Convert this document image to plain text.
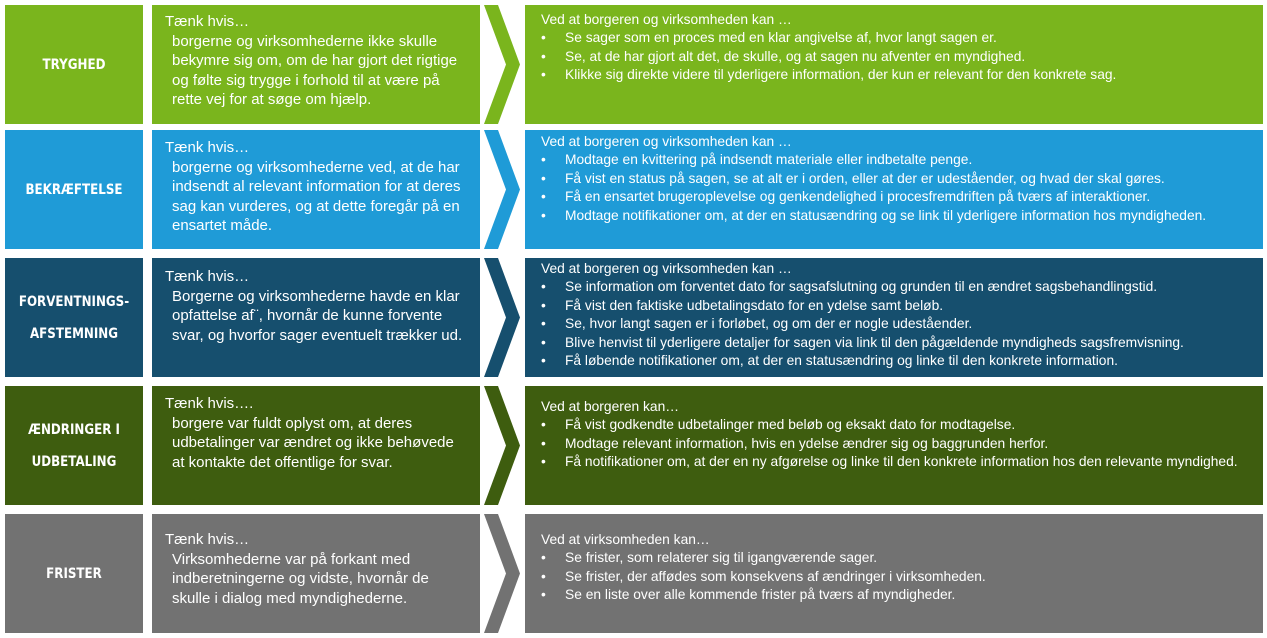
TRYGHED
Tænk hvis…
borgerne og virksomhederne ikke skulle bekymre sig om, om de har gjort det rigtige og følte sig trygge i forhold til at være på rette vej for at søge om hjælp.
Ved at borgeren og virksomheden kan …
• Se sager som en proces med en klar angivelse af, hvor langt sagen er.
• Se, at de har gjort alt det, de skulle, og at sagen nu afventer en myndighed.
• Klikke sig direkte videre til yderligere information, der kun er relevant for den konkrete sag.
BEKRÆFTELSE
Tænk hvis…
borgerne og virksomhederne ved, at de har indsendt al relevant information for at deres sag kan vurderes, og at dette foregår på en ensartet måde.
Ved at borgeren og virksomheden kan …
• Modtage en kvittering på indsendt materiale eller indbetalte penge.
• Få vist en status på sagen, se at alt er i orden, eller at der er udeståender, og hvad der skal gøres.
• Få en ensartet brugeroplevelse og genkendelighed i procesfremdriften på tværs af interaktioner.
• Modtage notifikationer om, at der en statusændring og se link til yderligere information hos myndigheden.
FORVENTNINGS-
AFSTEMNING
Tænk hvis…
Borgerne og virksomhederne havde en klar opfattelse af¨, hvornår de kunne forvente svar, og hvorfor sager eventuelt trækker ud.
Ved at borgeren og virksomheden kan …
• Se information om forventet dato for sagsafslutning og grunden til en ændret sagsbehandlingstid.
• Få vist den faktiske udbetalingsdato for en ydelse samt beløb.
• Se, hvor langt sagen er i forløbet, og om der er nogle udeståender.
• Blive henvist til yderligere detaljer for sagen via link til den pågældende myndigheds sagsfremvisning.
• Få løbende notifikationer om, at der en statusændring og linke til den konkrete information.
ÆNDRINGER I
UDBETALING
Tænk hvis….
borgere var fuldt oplyst om, at deres udbetalinger var ændret og ikke behøvede at kontakte det offentlige for svar.
Ved at borgeren kan…
• Få vist godkendte udbetalinger med beløb og eksakt dato for modtagelse.
• Modtage relevant information, hvis en ydelse ændrer sig og baggrunden herfor.
• Få notifikationer om, at der en ny afgørelse og linke til den konkrete information hos den relevante myndighed.
FRISTER
Tænk hvis…
Virksomhederne var på forkant med indberetningerne og vidste, hvornår de skulle i dialog med myndighederne.
Ved at virksomheden kan…
• Se frister, som relaterer sig til igangværende sager.
• Se frister, der affødes som konsekvens af ændringer i virksomheden.
• Se en liste over alle kommende frister på tværs af myndigheder.
